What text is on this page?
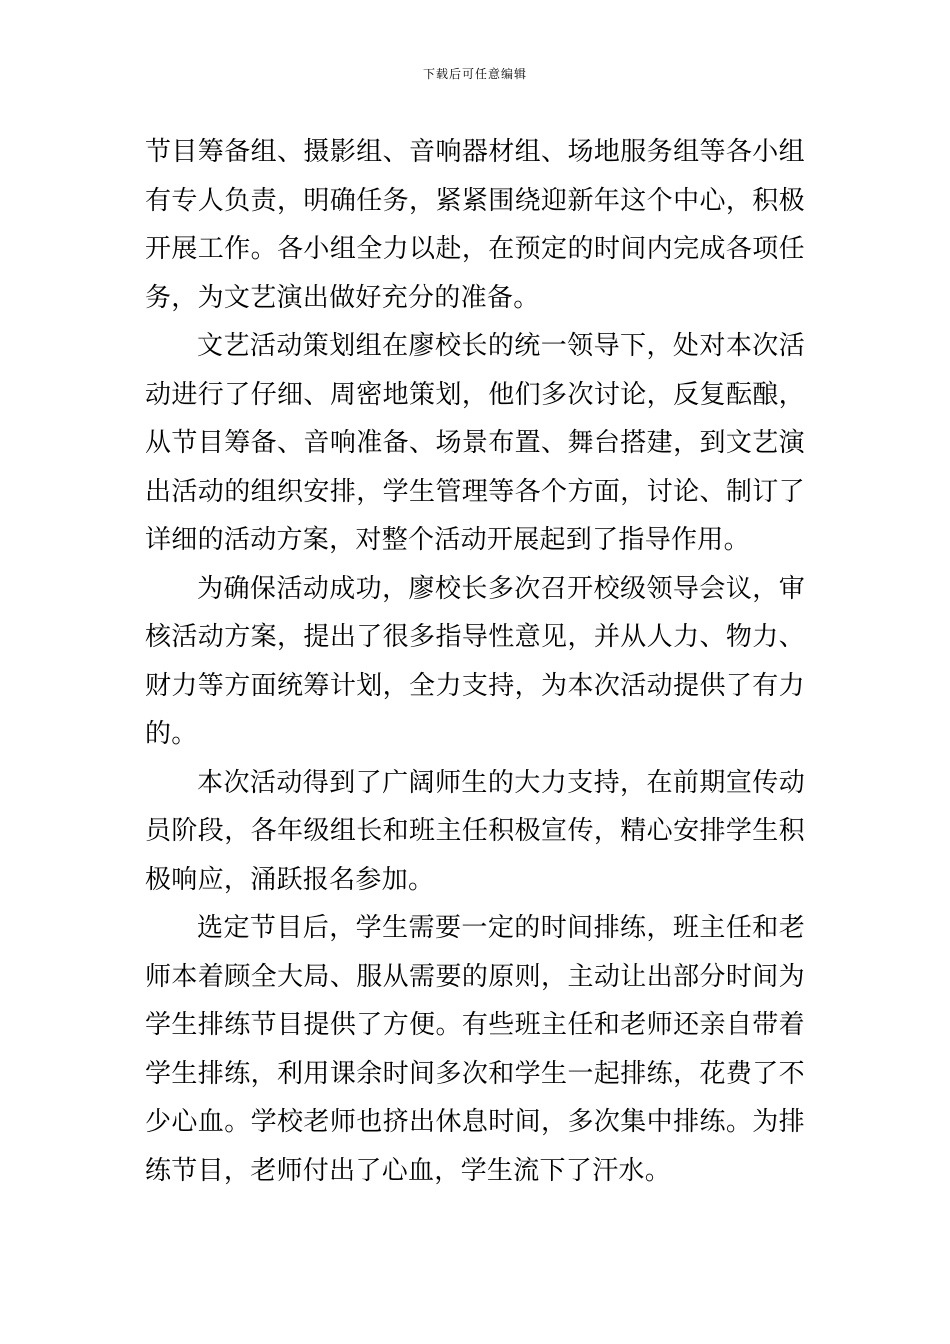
下载后可任意编辑

节目筹备组、摄影组、音响器材组、场地服务组等各小组有专人负责，明确任务，紧紧围绕迎新年这个中心，积极开展工作。各小组全力以赴，在预定的时间内完成各项任务，为文艺演出做好充分的准备。

文艺活动策划组在廖校长的统一领导下，处对本次活动进行了仔细、周密地策划，他们多次讨论，反复酝酿，从节目筹备、音响准备、场景布置、舞台搭建，到文艺演出活动的组织安排，学生管理等各个方面，讨论、制订了详细的活动方案，对整个活动开展起到了指导作用。

为确保活动成功，廖校长多次召开校级领导会议，审核活动方案，提出了很多指导性意见，并从人力、物力、财力等方面统筹计划，全力支持，为本次活动提供了有力的。

本次活动得到了广阔师生的大力支持，在前期宣传动员阶段，各年级组长和班主任积极宣传，精心安排学生积极响应，涌跃报名参加。

选定节目后，学生需要一定的时间排练，班主任和老师本着顾全大局、服从需要的原则，主动让出部分时间为学生排练节目提供了方便。有些班主任和老师还亲自带着学生排练，利用课余时间多次和学生一起排练，花费了不少心血。学校老师也挤出休息时间，多次集中排练。为排练节目，老师付出了心血，学生流下了汗水。
